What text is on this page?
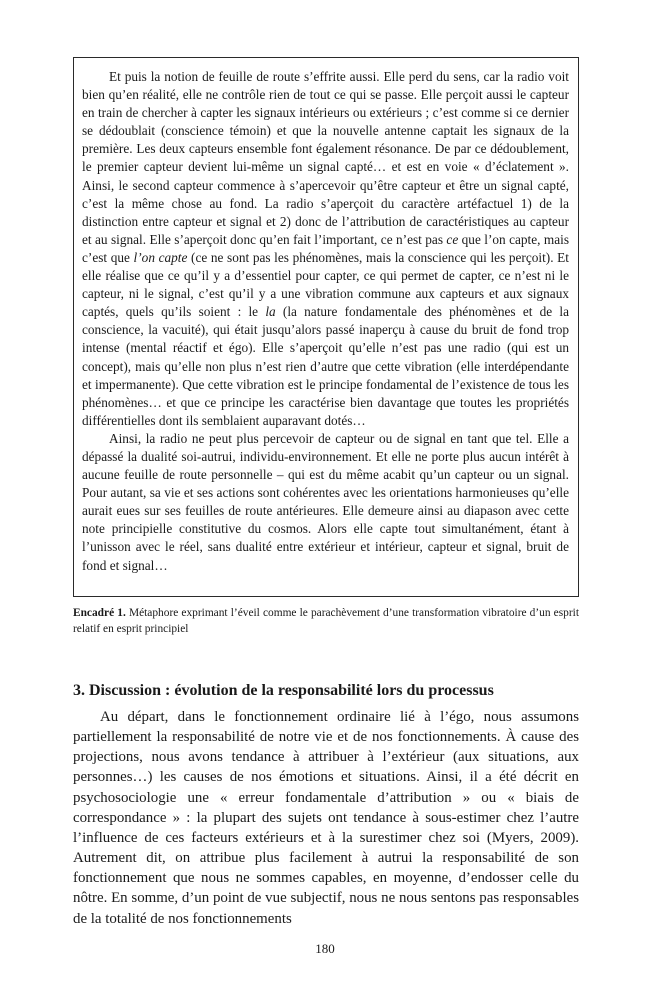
Et puis la notion de feuille de route s’effrite aussi. Elle perd du sens, car la radio voit bien qu’en réalité, elle ne contrôle rien de tout ce qui se passe. Elle perçoit aussi le capteur en train de chercher à capter les signaux intérieurs ou extérieurs ; c’est comme si ce dernier se dédoublait (conscience témoin) et que la nouvelle antenne captait les signaux de la première. Les deux capteurs ensemble font également résonance. De par ce dédoublement, le premier capteur devient lui-même un signal capté… et est en voie « d’éclatement ». Ainsi, le second capteur commence à s’apercevoir qu’être capteur et être un signal capté, c’est la même chose au fond. La radio s’aperçoit du caractère artéfactuel 1) de la distinction entre capteur et signal et 2) donc de l’attribution de caractéristiques au capteur et au signal. Elle s’aperçoit donc qu’en fait l’important, ce n’est pas ce que l’on capte, mais c’est que l’on capte (ce ne sont pas les phénomènes, mais la conscience qui les perçoit). Et elle réalise que ce qu’il y a d’essentiel pour capter, ce qui permet de capter, ce n’est ni le capteur, ni le signal, c’est qu’il y a une vibration commune aux capteurs et aux signaux captés, quels qu’ils soient : le la (la nature fondamentale des phénomènes et de la conscience, la vacuité), qui était jusqu’alors passé inaperçu à cause du bruit de fond trop intense (mental réactif et égo). Elle s’aperçoit qu’elle n’est pas une radio (qui est un concept), mais qu’elle non plus n’est rien d’autre que cette vibration (elle interdépendante et impermanente). Que cette vibration est le principe fondamental de l’existence de tous les phénomènes… et que ce principe les caractérise bien davantage que toutes les propriétés différentielles dont ils semblaient auparavant dotés…

Ainsi, la radio ne peut plus percevoir de capteur ou de signal en tant que tel. Elle a dépassé la dualité soi-autrui, individu-environnement. Et elle ne porte plus aucun intérêt à aucune feuille de route personnelle – qui est du même acabit qu’un capteur ou un signal. Pour autant, sa vie et ses actions sont cohérentes avec les orientations harmonieuses qu’elle aurait eues sur ses feuilles de route antérieures. Elle demeure ainsi au diapason avec cette note principielle constitutive du cosmos. Alors elle capte tout simultanément, étant à l’unisson avec le réel, sans dualité entre extérieur et intérieur, capteur et signal, bruit de fond et signal…

Encadré 1. Métaphore exprimant l’éveil comme le parachèvement d’une transformation vibratoire d’un esprit relatif en esprit principiel
3. Discussion : évolution de la responsabilité lors du processus

Au départ, dans le fonctionnement ordinaire lié à l’égo, nous assumons partiellement la responsabilité de notre vie et de nos fonctionnements. À cause des projections, nous avons tendance à attribuer à l’extérieur (aux situations, aux personnes…) les causes de nos émotions et situations. Ainsi, il a été décrit en psychosociologie une « erreur fondamentale d’attribution » ou « biais de correspondance » : la plupart des sujets ont tendance à sous-estimer chez l’autre l’influence de ces facteurs extérieurs et à la surestimer chez soi (Myers, 2009). Autrement dit, on attribue plus facilement à autrui la responsabilité de son fonctionnement que nous ne sommes capables, en moyenne, d’endosser celle du nôtre. En somme, d’un point de vue subjectif, nous ne nous sentons pas responsables de la totalité de nos fonctionnements

180
